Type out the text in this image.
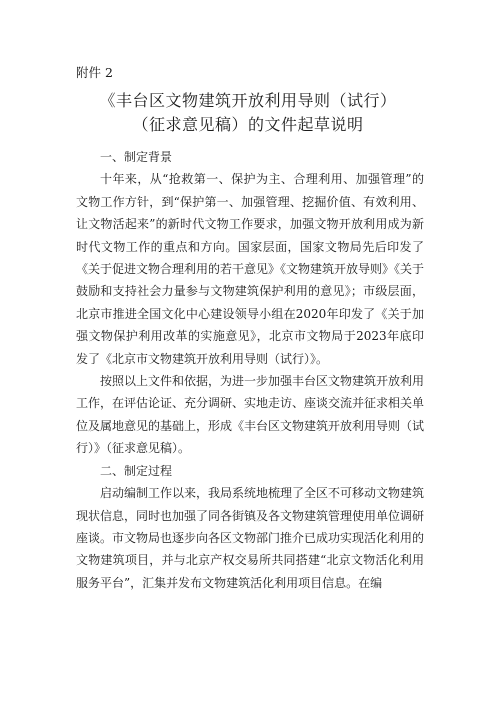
附件 2
《丰台区文物建筑开放利用导则（试行）
（征求意见稿）的文件起草说明

一、制定背景

十年来，从“抢救第一、保护为主、合理利用、加强管理”的文物工作方针，到“保护第一、加强管理、挖掘价值、有效利用、让文物活起来”的新时代文物工作要求，加强文物开放利用成为新时代文物工作的重点和方向。国家层面，国家文物局先后印发了《关于促进文物合理利用的若干意见》《文物建筑开放导则》《关于鼓励和支持社会力量参与文物建筑保护利用的意见》；市级层面，北京市推进全国文化中心建设领导小组在2020年印发了《关于加强文物保护利用改革的实施意见》，北京市文物局于2023年底印发了《北京市文物建筑开放利用导则（试行）》。

按照以上文件和依据，为进一步加强丰台区文物建筑开放利用工作，在评估论证、充分调研、实地走访、座谈交流并征求相关单位及属地意见的基础上，形成《丰台区文物建筑开放利用导则（试行）》（征求意见稿）。

二、制定过程

启动编制工作以来，我局系统地梳理了全区不可移动文物建筑现状信息，同时也加强了同各街镇及各文物建筑管理使用单位调研座谈。市文物局也逐步向各区文物部门推介已成功实现活化利用的文物建筑项目，并与北京产权交易所共同搭建“北京文物活化利用服务平台”，汇集并发布文物建筑活化利用项目信息。在编
